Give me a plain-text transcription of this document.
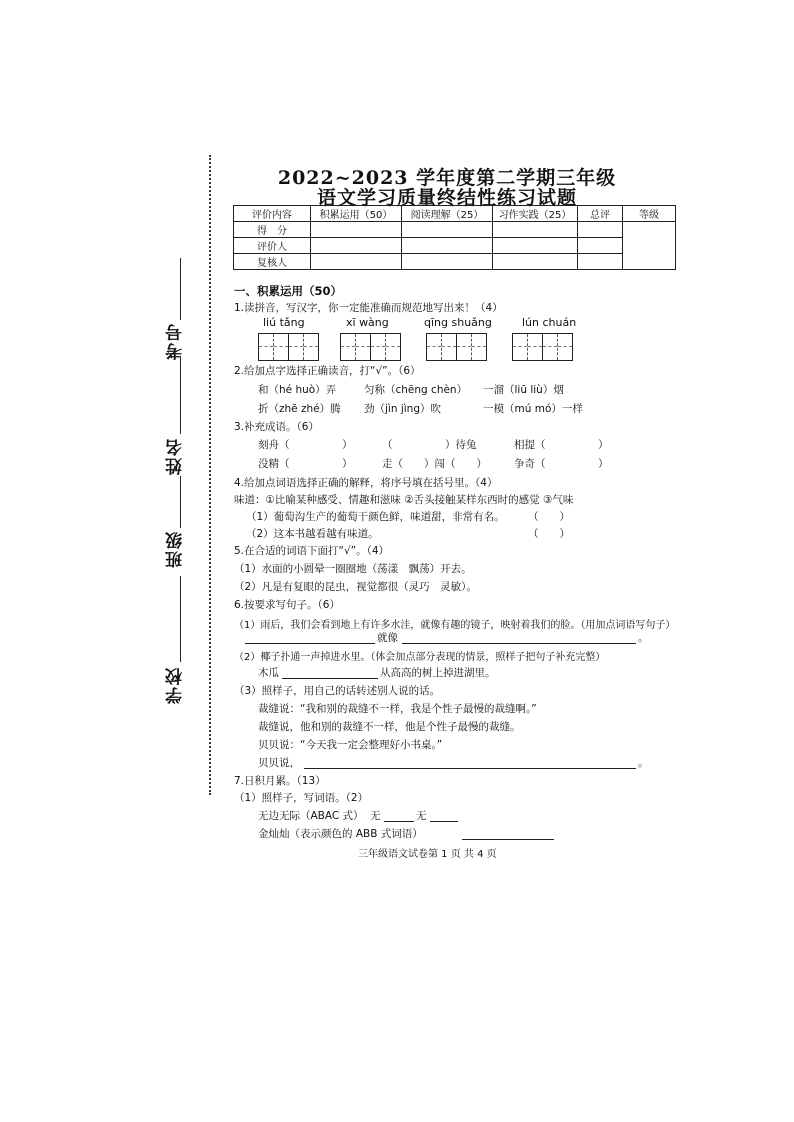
考号
姓名
班级
学校
2022~2023 学年度第二学期三年级
语文学习质量终结性练习试题
评价内容	积累运用（50）	阅读理解（25）	习作实践（25）	总评	等级
得　分					
评价人					
复核人					
一、积累运用（50）
1.读拼音，写汉字，你一定能准确而规范地写出来！（4）
liú tǎng	xī wàng	qīng shuǎng	lún chuán
2.给加点字选择正确读音，打“√”。（6）
和（hé huò）弄	匀称（chēng chèn） 一溜（liū liù）烟
折（zhē zhé）腾 劲（jìn jìng）吹	一模（mú mó）一样
3.补充成语。（6）
刻舟（　　　　　）	（　　　　　）待兔	相提（　　　　　）
没精（　　　　　）	走（　　）闯（　　）	争奇（　　　　　）
4.给加点词语选择正确的解释，将序号填在括号里。（4）
味道：①比喻某种感受、情趣和滋味 ②舌头接触某样东西时的感觉 ③气味
（1）葡萄沟生产的葡萄干颜色鲜，味道甜，非常有名。 （　　）
（2）这本书越看越有味道。	（　　）
5.在合适的词语下面打“√”。（4）
（1）水面的小圆晕一圈圈地（荡漾　飘荡）开去。
（2）凡是有复眼的昆虫，视觉都很（灵巧　灵敏）。
6.按要求写句子。（6）
（1）雨后，我们会看到地上有许多水洼，就像有趣的镜子，映射着我们的脸。（用加点词语写句子）
就像	。
（2）椰子扑通一声掉进水里。（体会加点部分表现的情景，照样子把句子补充完整）
木瓜	从高高的树上掉进湖里。
（3）照样子，用自己的话转述别人说的话。
裁缝说：“我和别的裁缝不一样，我是个性子最慢的裁缝啊。”
裁缝说，他和别的裁缝不一样，他是个性子最慢的裁缝。
贝贝说：“今天我一定会整理好小书桌。”
贝贝说，	。
7.日积月累。（13）
（1）照样子，写词语。（2）
无边无际（ABAC 式） 无	无
金灿灿（表示颜色的 ABB 式词语）
三年级语文试卷第 1 页 共 4 页
